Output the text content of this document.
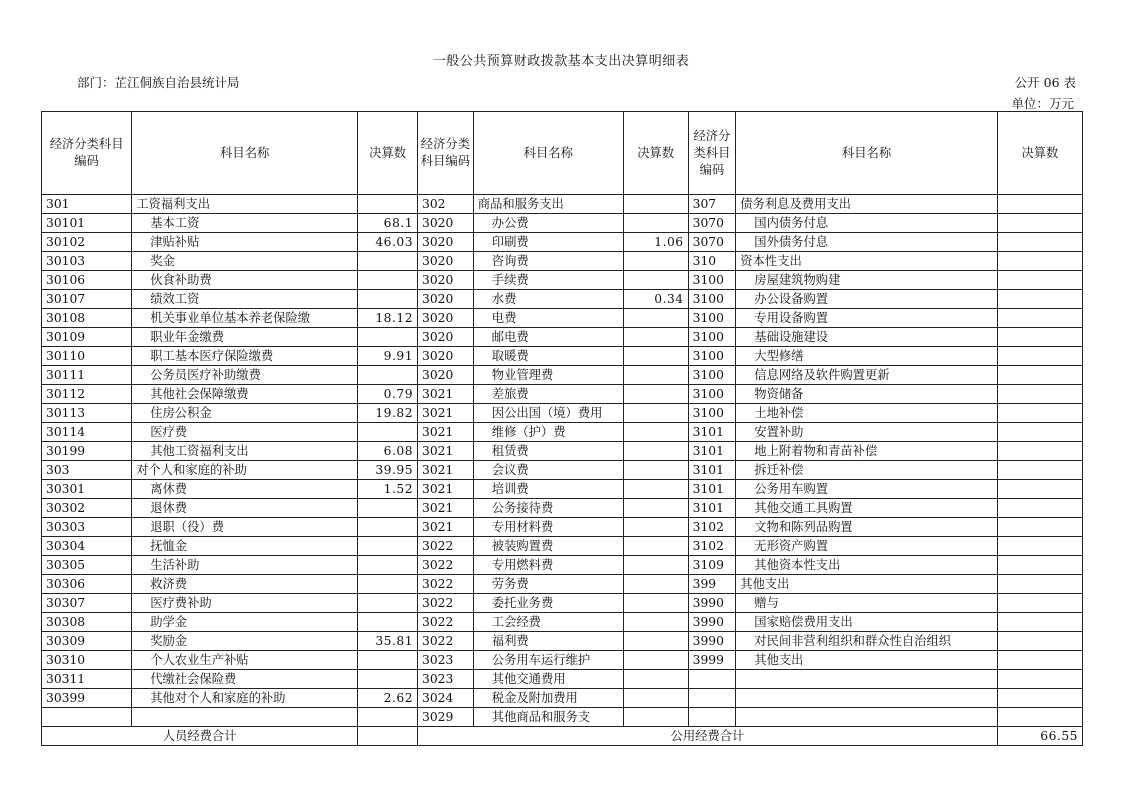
一般公共预算财政拨款基本支出决算明细表
部门：芷江侗族自治县统计局	公开 06 表
单位：万元
经济分类科目编码	科目名称	决算数	经济分类科目编码	科目名称	决算数	经济分类科目编码	科目名称	决算数
301	工资福利支出		302	商品和服务支出		307	债务利息及费用支出	
30101	基本工资	68.1	3020	办公费		3070	国内债务付息	
30102	津贴补贴	46.03	3020	印刷费	1.06	3070	国外债务付息	
30103	奖金		3020	咨询费		310	资本性支出	
30106	伙食补助费		3020	手续费		3100	房屋建筑物购建	
30107	绩效工资		3020	水费	0.34	3100	办公设备购置	
30108	机关事业单位基本养老保险缴	18.12	3020	电费		3100	专用设备购置	
30109	职业年金缴费		3020	邮电费		3100	基础设施建设	
30110	职工基本医疗保险缴费	9.91	3020	取暖费		3100	大型修缮	
30111	公务员医疗补助缴费		3020	物业管理费		3100	信息网络及软件购置更新	
30112	其他社会保障缴费	0.79	3021	差旅费		3100	物资储备	
30113	住房公积金	19.82	3021	因公出国（境）费用		3100	土地补偿	
30114	医疗费		3021	维修（护）费		3101	安置补助	
30199	其他工资福利支出	6.08	3021	租赁费		3101	地上附着物和青苗补偿	
303	对个人和家庭的补助	39.95	3021	会议费		3101	拆迁补偿	
30301	离休费	1.52	3021	培训费		3101	公务用车购置	
30302	退休费		3021	公务接待费		3101	其他交通工具购置	
30303	退职（役）费		3021	专用材料费		3102	文物和陈列品购置	
30304	抚恤金		3022	被装购置费		3102	无形资产购置	
30305	生活补助		3022	专用燃料费		3109	其他资本性支出	
30306	救济费		3022	劳务费		399	其他支出	
30307	医疗费补助		3022	委托业务费		3990	赠与	
30308	助学金		3022	工会经费		3990	国家赔偿费用支出	
30309	奖励金	35.81	3022	福利费		3990	对民间非营利组织和群众性自治组织	
30310	个人农业生产补贴		3023	公务用车运行维护		3999	其他支出	
30311	代缴社会保险费		3023	其他交通费用				
30399	其他对个人和家庭的补助	2.62	3024	税金及附加费用				
			3029	其他商品和服务支				
人员经费合计			公用经费合计					66.55
